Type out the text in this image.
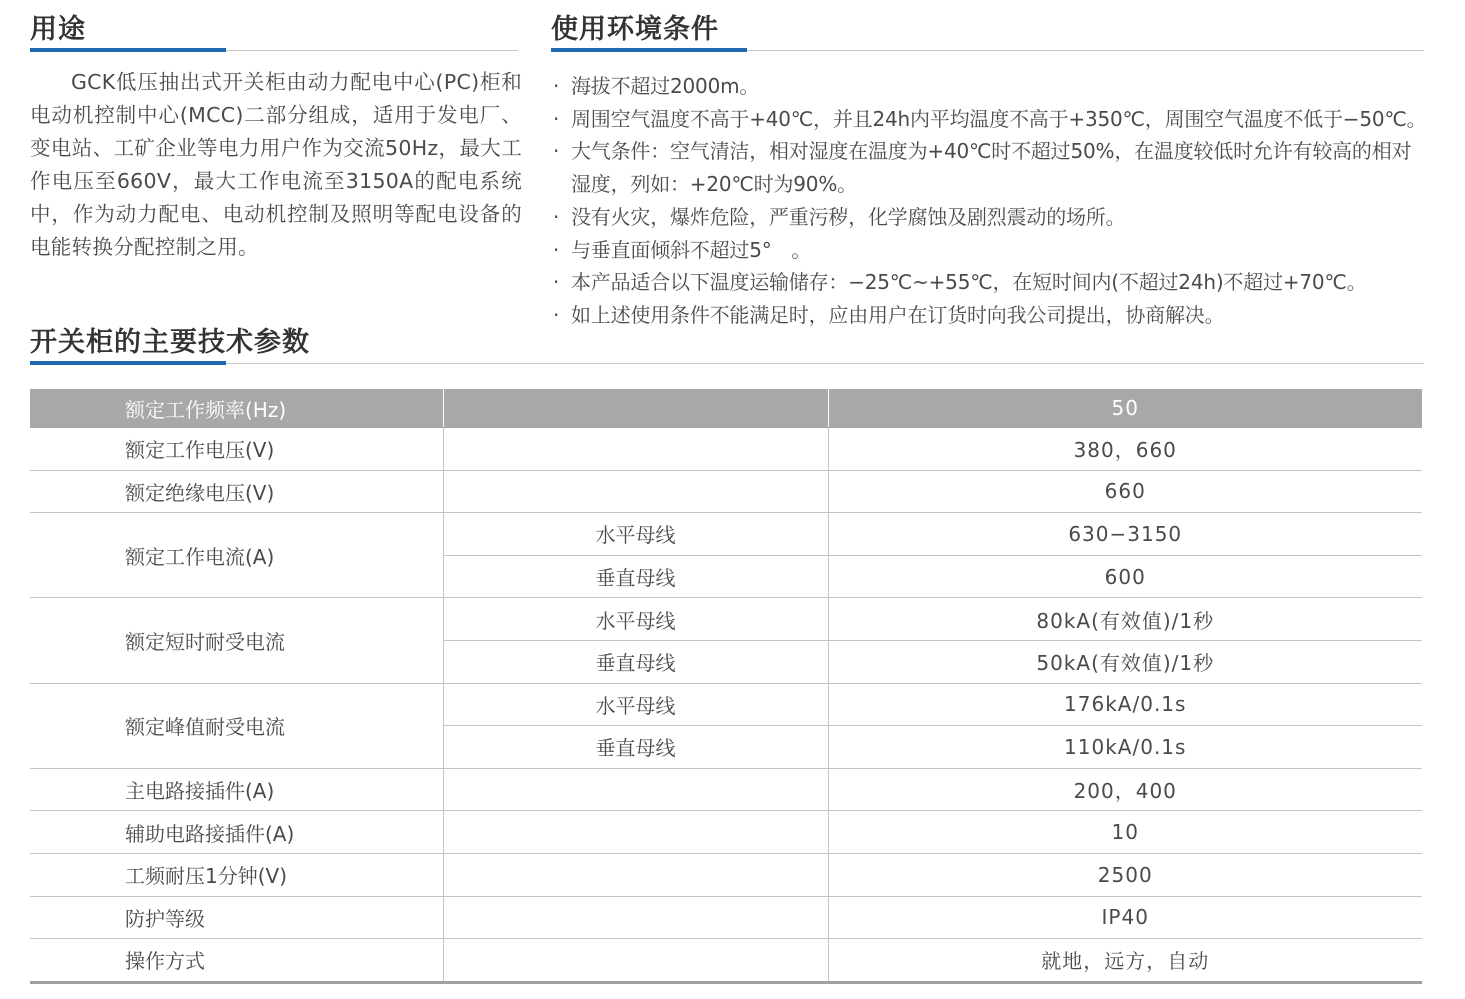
用途

GCK低压抽出式开关柜由动力配电中心(PC)柜和电动机控制中心(MCC)二部分组成，适用于发电厂、变电站、工矿企业等电力用户作为交流50Hz，最大工作电压至660V，最大工作电流至3150A的配电系统中，作为动力配电、电动机控制及照明等配电设备的电能转换分配控制之用。

使用环境条件
· 海拔不超过2000m。
· 周围空气温度不高于+40℃，并且24h内平均温度不高于+350℃，周围空气温度不低于−50℃。
· 大气条件：空气清洁，相对湿度在温度为+40℃时不超过50%，在温度较低时允许有较高的相对　湿度，列如：+20℃时为90%。
· 没有火灾，爆炸危险，严重污秽，化学腐蚀及剧烈震动的场所。
· 与垂直面倾斜不超过5°　。
· 本产品适合以下温度运输储存：−25℃~+55℃，在短时间内(不超过24h)不超过+70℃。
· 如上述使用条件不能满足时，应由用户在订货时向我公司提出，协商解决。
开关柜的主要技术参数
额定工作频率(Hz)		50
额定工作电压(V)		380，660
额定绝缘电压(V)		660
额定工作电流(A)	水平母线	630−3150
	垂直母线	600
额定短时耐受电流	水平母线	80kA(有效值)/1秒
	垂直母线	50kA(有效值)/1秒
额定峰值耐受电流	水平母线	176kA/0.1s
	垂直母线	110kA/0.1s
主电路接插件(A)		200，400
辅助电路接插件(A)		10
工频耐压1分钟(V)		2500
防护等级		IP40
操作方式		就地，远方，自动
